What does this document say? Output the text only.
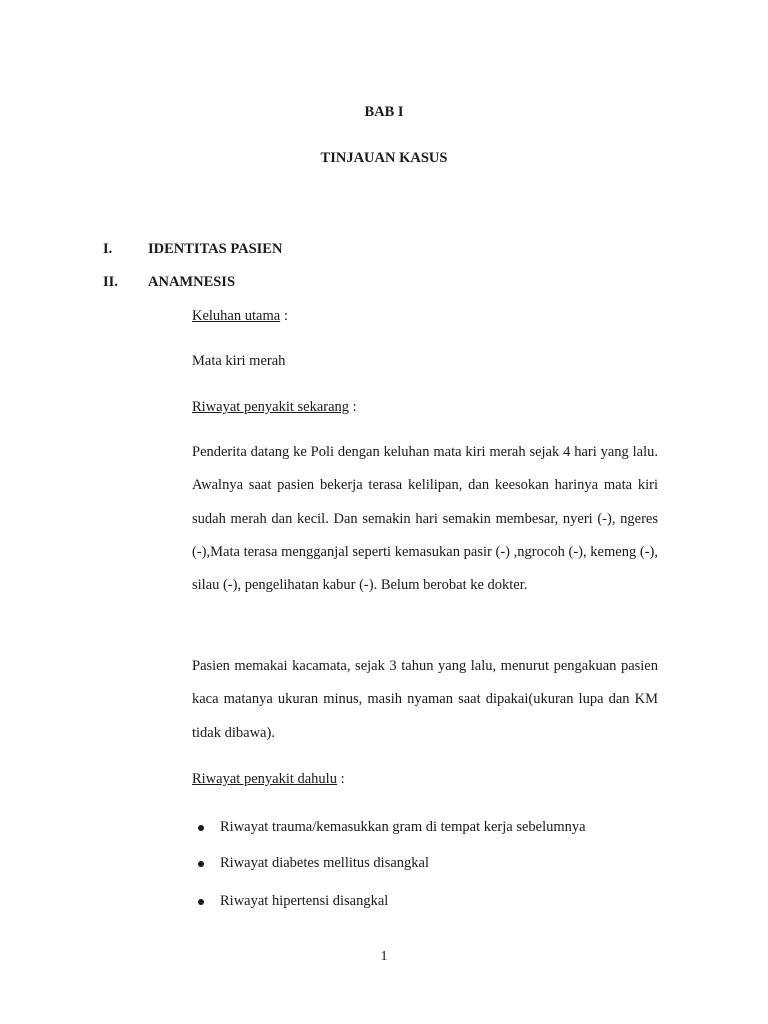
BAB I
TINJAUAN KASUS
I. IDENTITAS PASIEN
II. ANAMNESIS
Keluhan utama :
Mata kiri merah
Riwayat penyakit sekarang :
Penderita datang ke Poli dengan keluhan mata kiri merah sejak 4 hari yang lalu. Awalnya saat pasien bekerja terasa kelilipan, dan keesokan harinya mata kiri sudah merah dan kecil. Dan semakin hari semakin membesar, nyeri (-), ngeres (-),Mata terasa mengganjal seperti kemasukan pasir (-) ,ngrocoh (-), kemeng (-), silau (-), pengelihatan kabur (-). Belum berobat ke dokter.
Pasien memakai kacamata, sejak 3 tahun yang lalu, menurut pengakuan pasien kaca matanya ukuran minus, masih nyaman saat dipakai(ukuran lupa dan KM tidak dibawa).
Riwayat penyakit dahulu :
Riwayat trauma/kemasukkan gram di tempat kerja sebelumnya
Riwayat diabetes mellitus disangkal
Riwayat hipertensi disangkal
1
